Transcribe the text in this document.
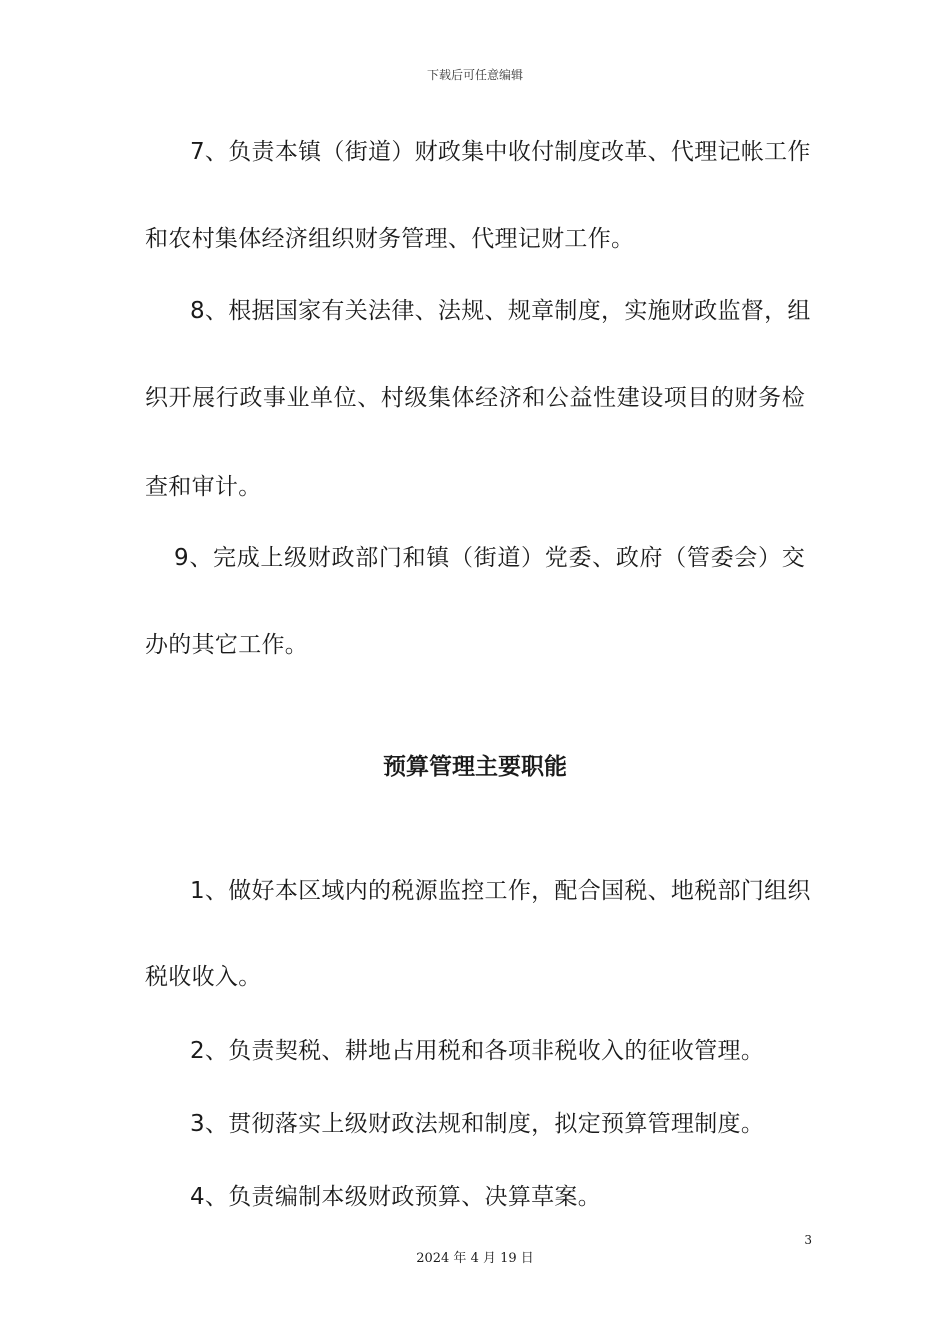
下载后可任意编辑
7、负责本镇（街道）财政集中收付制度改革、代理记帐工作
和农村集体经济组织财务管理、代理记财工作。
8、根据国家有关法律、法规、规章制度，实施财政监督，组
织开展行政事业单位、村级集体经济和公益性建设项目的财务检
查和审计。
9、完成上级财政部门和镇（街道）党委、政府（管委会）交
办的其它工作。
预算管理主要职能
1、做好本区域内的税源监控工作，配合国税、地税部门组织
税收收入。
2、负责契税、耕地占用税和各项非税收入的征收管理。
3、贯彻落实上级财政法规和制度，拟定预算管理制度。
4、负责编制本级财政预算、决算草案。
3
2024 年 4 月 19 日
